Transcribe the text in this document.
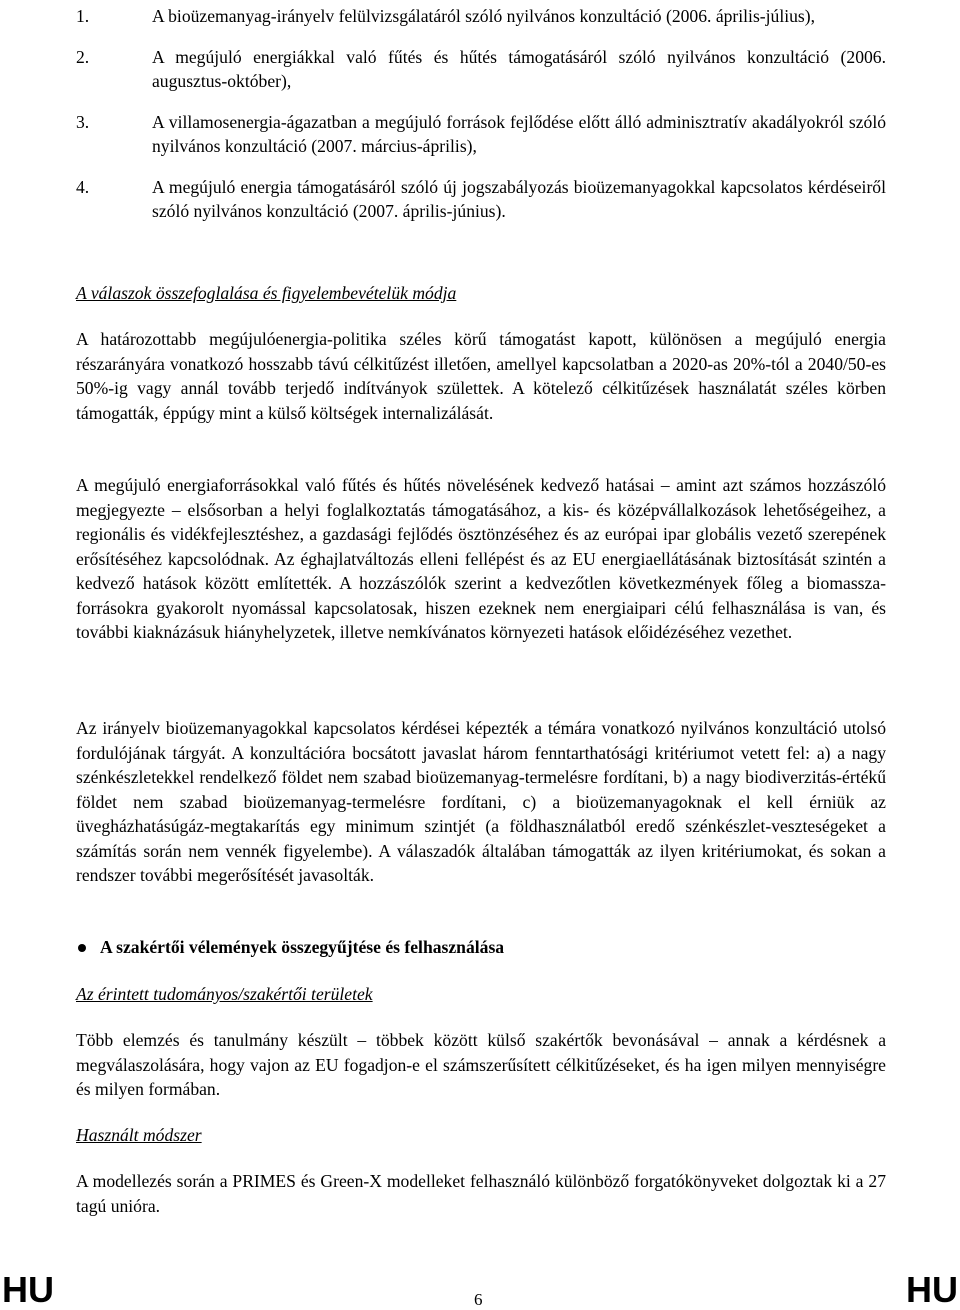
1.	A bioüzemanyag-irányelv felülvizsgálatáról szóló nyilvános konzultáció (2006. április-július),
2.	A megújuló energiákkal való fűtés és hűtés támogatásáról szóló nyilvános konzultáció (2006. augusztus-október),
3.	A villamosenergia-ágazatban a megújuló források fejlődése előtt álló adminisztratív akadályokról szóló nyilvános konzultáció (2007. március-április),
4.	A megújuló energia támogatásáról szóló új jogszabályozás bioüzemanyagokkal kapcsolatos kérdéseiről szóló nyilvános konzultáció (2007. április-június).
A válaszok összefoglalása és figyelembevételük módja

A határozottabb megújulóenergia-politika széles körű támogatást kapott, különösen a megújuló energia részarányára vonatkozó hosszabb távú célkitűzést illetően, amellyel kapcsolatban a 2020-as 20%-tól a 2040/50-es 50%-ig vagy annál tovább terjedő indítványok születtek. A kötelező célkitűzések használatát széles körben támogatták, éppúgy mint a külső költségek internalizálását.

A megújuló energiaforrásokkal való fűtés és hűtés növelésének kedvező hatásai – amint azt számos hozzászóló megjegyezte – elsősorban a helyi foglalkoztatás támogatásához, a kis- és középvállalkozások lehetőségeihez, a regionális és vidékfejlesztéshez, a gazdasági fejlődés ösztönzéséhez és az európai ipar globális vezető szerepének erősítéséhez kapcsolódnak. Az éghajlatváltozás elleni fellépést és az EU energiaellátásának biztosítását szintén a kedvező hatások között említették. A hozzászólók szerint a kedvezőtlen következmények főleg a biomassza-forrásokra gyakorolt nyomással kapcsolatosak, hiszen ezeknek nem energiaipari célú felhasználása is van, és további kiaknázásuk hiányhelyzetek, illetve nemkívánatos környezeti hatások előidézéséhez vezethet.

Az irányelv bioüzemanyagokkal kapcsolatos kérdései képezték a témára vonatkozó nyilvános konzultáció utolsó fordulójának tárgyát. A konzultációra bocsátott javaslat három fenntarthatósági kritériumot vetett fel: a) a nagy szénkészletekkel rendelkező földet nem szabad bioüzemanyag-termelésre fordítani, b) a nagy biodiverzitás-értékű földet nem szabad bioüzemanyag-termelésre fordítani, c) a bioüzemanyagoknak el kell érniük az üvegházhatásúgáz-megtakarítás egy minimum szintjét (a földhasználatból eredő szénkészlet-veszteségeket a számítás során nem vennék figyelembe). A válaszadók általában támogatták az ilyen kritériumokat, és sokan a rendszer további megerősítését javasolták.

A szakértői vélemények összegyűjtése és felhasználása
Az érintett tudományos/szakértői területek

Több elemzés és tanulmány készült – többek között külső szakértők bevonásával – annak a kérdésnek a megválaszolására, hogy vajon az EU fogadjon-e el számszerűsített célkitűzéseket, és ha igen milyen mennyiségre és milyen formában.

Használt módszer

A modellezés során a PRIMES és Green-X modelleket felhasználó különböző forgatókönyveket dolgoztak ki a 27 tagú unióra.

HU	6	HU
